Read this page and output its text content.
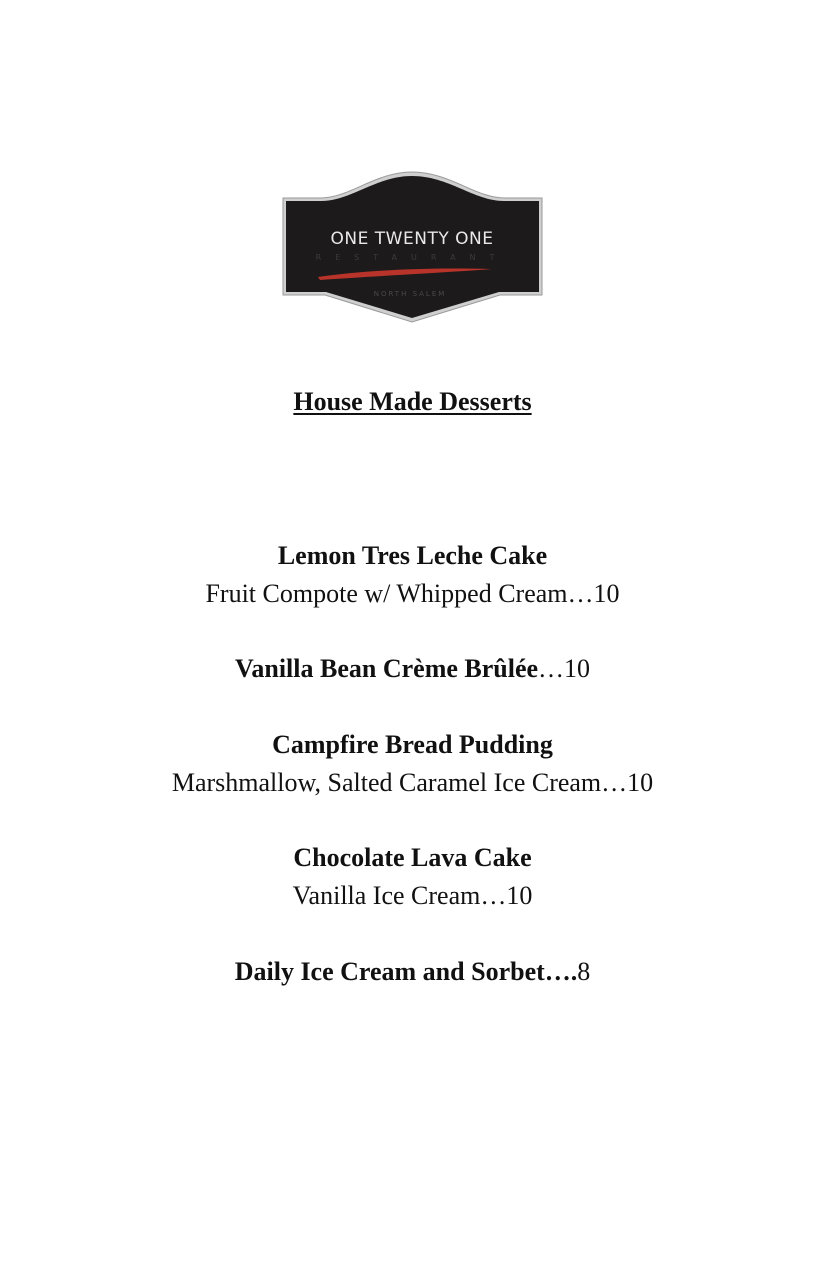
ONE TWENTY ONE
RESTAURANT
NORTH SALEM
House Made Desserts
Lemon Tres Leche Cake
Fruit Compote w/ Whipped Cream…10
Vanilla Bean Crème Brûlée…10
Campfire Bread Pudding
Marshmallow, Salted Caramel Ice Cream…10
Chocolate Lava Cake
Vanilla Ice Cream…10
Daily Ice Cream and Sorbet….8
